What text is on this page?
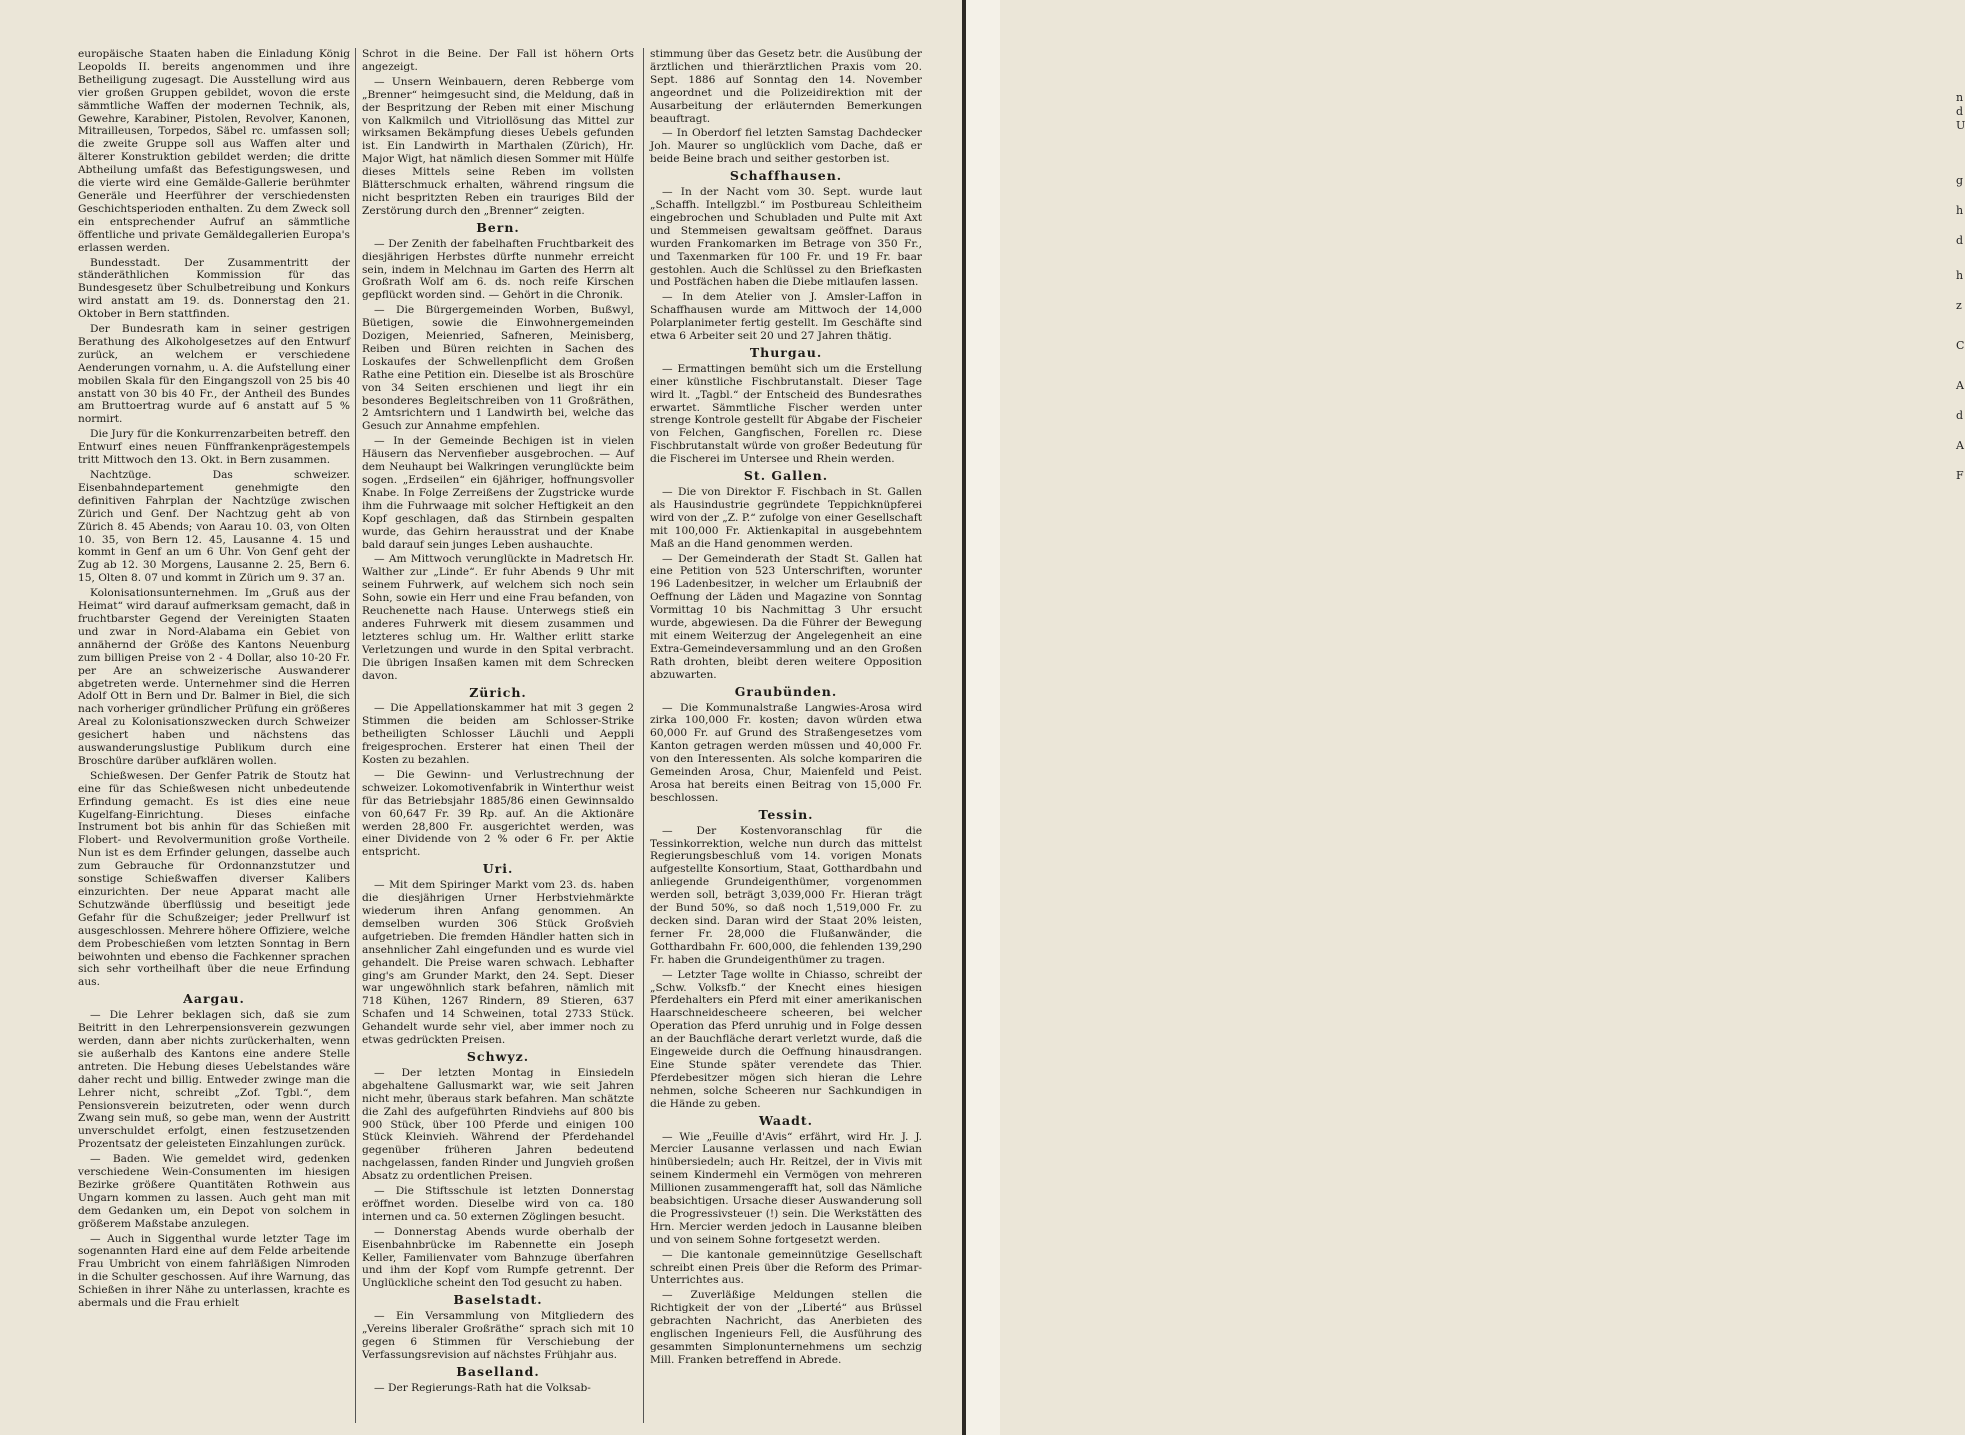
europäische Staaten haben die Einladung König Leopolds II. bereits angenommen und ihre Betheiligung zugesagt. Die Ausstellung wird aus vier großen Gruppen gebildet, wovon die erste sämmtliche Waffen der modernen Technik, als, Gewehre, Karabiner, Pistolen, Revolver, Kanonen, Mitrailleusen, Torpedos, Säbel rc. umfassen soll; die zweite Gruppe soll aus Waffen alter und älterer Konstruktion gebildet werden; die dritte Abtheilung umfaßt das Befestigungswesen, und die vierte wird eine Gemälde-Gallerie berühmter Generäle und Heerführer der verschiedensten Geschichtsperioden enthalten. Zu dem Zweck soll ein entsprechender Aufruf an sämmtliche öffentliche und private Gemäldegallerien Europa's erlassen werden.

Bundesstadt. Der Zusammentritt der ständeräthlichen Kommission für das Bundesgesetz über Schulbetreibung und Konkurs wird anstatt am 19. ds. Donnerstag den 21. Oktober in Bern stattfinden.

Der Bundesrath kam in seiner gestrigen Berathung des Alkoholgesetzes auf den Entwurf zurück, an welchem er verschiedene Aenderungen vornahm, u. A. die Aufstellung einer mobilen Skala für den Eingangszoll von 25 bis 40 anstatt von 30 bis 40 Fr., der Antheil des Bundes am Bruttoertrag wurde auf 6 anstatt auf 5 % normirt.

Die Jury für die Konkurrenzarbeiten betreff. den Entwurf eines neuen Fünffrankenprägestempels tritt Mittwoch den 13. Okt. in Bern zusammen.

Nachtzüge. Das schweizer. Eisenbahndepartement genehmigte den definitiven Fahrplan der Nachtzüge zwischen Zürich und Genf. Der Nachtzug geht ab von Zürich 8. 45 Abends; von Aarau 10. 03, von Olten 10. 35, von Bern 12. 45, Lausanne 4. 15 und kommt in Genf an um 6 Uhr. Von Genf geht der Zug ab 12. 30 Morgens, Lausanne 2. 25, Bern 6. 15, Olten 8. 07 und kommt in Zürich um 9. 37 an.

Kolonisationsunternehmen. Im „Gruß aus der Heimat“ wird darauf aufmerksam gemacht, daß in fruchtbarster Gegend der Vereinigten Staaten und zwar in Nord-Alabama ein Gebiet von annähernd der Größe des Kantons Neuenburg zum billigen Preise von 2 - 4 Dollar, also 10-20 Fr. per Are an schweizerische Auswanderer abgetreten werde. Unternehmer sind die Herren Adolf Ott in Bern und Dr. Balmer in Biel, die sich nach vorheriger gründlicher Prüfung ein größeres Areal zu Kolonisationszwecken durch Schweizer gesichert haben und nächstens das auswanderungslustige Publikum durch eine Broschüre darüber aufklären wollen.

Schießwesen. Der Genfer Patrik de Stoutz hat eine für das Schießwesen nicht unbedeutende Erfindung gemacht. Es ist dies eine neue Kugelfang-Einrichtung. Dieses einfache Instrument bot bis anhin für das Schießen mit Flobert- und Revolvermunition große Vortheile. Nun ist es dem Erfinder gelungen, dasselbe auch zum Gebrauche für Ordonnanzstutzer und sonstige Schießwaffen diverser Kalibers einzurichten. Der neue Apparat macht alle Schutzwände überflüssig und beseitigt jede Gefahr für die Schußzeiger; jeder Prellwurf ist ausgeschlossen. Mehrere höhere Offiziere, welche dem Probeschießen vom letzten Sonntag in Bern beiwohnten und ebenso die Fachkenner sprachen sich sehr vortheilhaft über die neue Erfindung aus.

Aargau.

— Die Lehrer beklagen sich, daß sie zum Beitritt in den Lehrerpensionsverein gezwungen werden, dann aber nichts zurückerhalten, wenn sie außerhalb des Kantons eine andere Stelle antreten. Die Hebung dieses Uebelstandes wäre daher recht und billig. Entweder zwinge man die Lehrer nicht, schreibt „Zof. Tgbl.“, dem Pensionsverein beizutreten, oder wenn durch Zwang sein muß, so gebe man, wenn der Austritt unverschuldet erfolgt, einen festzusetzenden Prozentsatz der geleisteten Einzahlungen zurück.

— Baden. Wie gemeldet wird, gedenken verschiedene Wein-Consumenten im hiesigen Bezirke größere Quantitäten Rothwein aus Ungarn kommen zu lassen. Auch geht man mit dem Gedanken um, ein Depot von solchem in größerem Maßstabe anzulegen.

— Auch in Siggenthal wurde letzter Tage im sogenannten Hard eine auf dem Felde arbeitende Frau Umbricht von einem fahrläßigen Nimroden in die Schulter geschossen. Auf ihre Warnung, das Schießen in ihrer Nähe zu unterlassen, krachte es abermals und die Frau erhielt

Schrot in die Beine. Der Fall ist höhern Orts angezeigt.

— Unsern Weinbauern, deren Rebberge vom „Brenner“ heimgesucht sind, die Meldung, daß in der Bespritzung der Reben mit einer Mischung von Kalkmilch und Vitriollösung das Mittel zur wirksamen Bekämpfung dieses Uebels gefunden ist. Ein Landwirth in Marthalen (Zürich), Hr. Major Wigt, hat nämlich diesen Sommer mit Hülfe dieses Mittels seine Reben im vollsten Blätterschmuck erhalten, während ringsum die nicht bespritzten Reben ein trauriges Bild der Zerstörung durch den „Brenner“ zeigten.

Bern.

— Der Zenith der fabelhaften Fruchtbarkeit des diesjährigen Herbstes dürfte nunmehr erreicht sein, indem in Melchnau im Garten des Herrn alt Großrath Wolf am 6. ds. noch reife Kirschen gepflückt worden sind. — Gehört in die Chronik.

— Die Bürgergemeinden Worben, Bußwyl, Büetigen, sowie die Einwohnergemeinden Dozigen, Meienried, Safneren, Meinisberg, Reiben und Büren reichten in Sachen des Loskaufes der Schwellenpflicht dem Großen Rathe eine Petition ein. Dieselbe ist als Broschüre von 34 Seiten erschienen und liegt ihr ein besonderes Begleitschreiben von 11 Großräthen, 2 Amtsrichtern und 1 Landwirth bei, welche das Gesuch zur Annahme empfehlen.

— In der Gemeinde Bechigen ist in vielen Häusern das Nervenfieber ausgebrochen. — Auf dem Neuhaupt bei Walkringen verunglückte beim sogen. „Erdseilen“ ein 6jähriger, hoffnungsvoller Knabe. In Folge Zerreißens der Zugstricke wurde ihm die Fuhrwaage mit solcher Heftigkeit an den Kopf geschlagen, daß das Stirnbein gespalten wurde, das Gehirn herausstrat und der Knabe bald darauf sein junges Leben aushauchte.

— Am Mittwoch verunglückte in Madretsch Hr. Walther zur „Linde“. Er fuhr Abends 9 Uhr mit seinem Fuhrwerk, auf welchem sich noch sein Sohn, sowie ein Herr und eine Frau befanden, von Reuchenette nach Hause. Unterwegs stieß ein anderes Fuhrwerk mit diesem zusammen und letzteres schlug um. Hr. Walther erlitt starke Verletzungen und wurde in den Spital verbracht. Die übrigen Insaßen kamen mit dem Schrecken davon.

Zürich.

— Die Appellationskammer hat mit 3 gegen 2 Stimmen die beiden am Schlosser-Strike betheiligten Schlosser Läuchli und Aeppli freigesprochen. Ersterer hat einen Theil der Kosten zu bezahlen.

— Die Gewinn- und Verlustrechnung der schweizer. Lokomotivenfabrik in Winterthur weist für das Betriebsjahr 1885/86 einen Gewinnsaldo von 60,647 Fr. 39 Rp. auf. An die Aktionäre werden 28,800 Fr. ausgerichtet werden, was einer Dividende von 2 % oder 6 Fr. per Aktie entspricht.

Uri.

— Mit dem Spiringer Markt vom 23. ds. haben die diesjährigen Urner Herbstviehmärkte wiederum ihren Anfang genommen. An demselben wurden 306 Stück Großvieh aufgetrieben. Die fremden Händler hatten sich in ansehnlicher Zahl eingefunden und es wurde viel gehandelt. Die Preise waren schwach. Lebhafter ging's am Grunder Markt, den 24. Sept. Dieser war ungewöhnlich stark befahren, nämlich mit 718 Kühen, 1267 Rindern, 89 Stieren, 637 Schafen und 14 Schweinen, total 2733 Stück. Gehandelt wurde sehr viel, aber immer noch zu etwas gedrückten Preisen.

Schwyz.

— Der letzten Montag in Einsiedeln abgehaltene Gallusmarkt war, wie seit Jahren nicht mehr, überaus stark befahren. Man schätzte die Zahl des aufgeführten Rindviehs auf 800 bis 900 Stück, über 100 Pferde und einigen 100 Stück Kleinvieh. Während der Pferdehandel gegenüber früheren Jahren bedeutend nachgelassen, fanden Rinder und Jungvieh großen Absatz zu ordentlichen Preisen.

— Die Stiftsschule ist letzten Donnerstag eröffnet worden. Dieselbe wird von ca. 180 internen und ca. 50 externen Zöglingen besucht.

— Donnerstag Abends wurde oberhalb der Eisenbahnbrücke im Rabennette ein Joseph Keller, Familienvater vom Bahnzuge überfahren und ihm der Kopf vom Rumpfe getrennt. Der Unglückliche scheint den Tod gesucht zu haben.

Baselstadt.

— Ein Versammlung von Mitgliedern des „Vereins liberaler Großräthe“ sprach sich mit 10 gegen 6 Stimmen für Verschiebung der Verfassungsrevision auf nächstes Frühjahr aus.

Baselland.

— Der Regierungs-Rath hat die Volksab-

stimmung über das Gesetz betr. die Ausübung der ärztlichen und thierärztlichen Praxis vom 20. Sept. 1886 auf Sonntag den 14. November angeordnet und die Polizeidirektion mit der Ausarbeitung der erläuternden Bemerkungen beauftragt.

— In Oberdorf fiel letzten Samstag Dachdecker Joh. Maurer so unglücklich vom Dache, daß er beide Beine brach und seither gestorben ist.

Schaffhausen.

— In der Nacht vom 30. Sept. wurde laut „Schaffh. Intellgzbl.“ im Postbureau Schleitheim eingebrochen und Schubladen und Pulte mit Axt und Stemmeisen gewaltsam geöffnet. Daraus wurden Frankomarken im Betrage von 350 Fr., und Taxenmarken für 100 Fr. und 19 Fr. baar gestohlen. Auch die Schlüssel zu den Briefkasten und Postfächen haben die Diebe mitlaufen lassen.

— In dem Atelier von J. Amsler-Laffon in Schaffhausen wurde am Mittwoch der 14,000 Polarplanimeter fertig gestellt. Im Geschäfte sind etwa 6 Arbeiter seit 20 und 27 Jahren thätig.

Thurgau.

— Ermattingen bemüht sich um die Erstellung einer künstliche Fischbrutanstalt. Dieser Tage wird lt. „Tagbl.“ der Entscheid des Bundesrathes erwartet. Sämmtliche Fischer werden unter strenge Kontrole gestellt für Abgabe der Fischeier von Felchen, Gangfischen, Forellen rc. Diese Fischbrutanstalt würde von großer Bedeutung für die Fischerei im Untersee und Rhein werden.

St. Gallen.

— Die von Direktor F. Fischbach in St. Gallen als Hausindustrie gegründete Teppichknüpferei wird von der „Z. P.“ zufolge von einer Gesellschaft mit 100,000 Fr. Aktienkapital in ausgebehntem Maß an die Hand genommen werden.

— Der Gemeinderath der Stadt St. Gallen hat eine Petition von 523 Unterschriften, worunter 196 Ladenbesitzer, in welcher um Erlaubniß der Oeffnung der Läden und Magazine von Sonntag Vormittag 10 bis Nachmittag 3 Uhr ersucht wurde, abgewiesen. Da die Führer der Bewegung mit einem Weiterzug der Angelegenheit an eine Extra-Gemeindeversammlung und an den Großen Rath drohten, bleibt deren weitere Opposition abzuwarten.

Graubünden.

— Die Kommunalstraße Langwies-Arosa wird zirka 100,000 Fr. kosten; davon würden etwa 60,000 Fr. auf Grund des Straßengesetzes vom Kanton getragen werden müssen und 40,000 Fr. von den Interessenten. Als solche kompariren die Gemeinden Arosa, Chur, Maienfeld und Peist. Arosa hat bereits einen Beitrag von 15,000 Fr. beschlossen.

Tessin.

— Der Kostenvoranschlag für die Tessinkorrektion, welche nun durch das mittelst Regierungsbeschluß vom 14. vorigen Monats aufgestellte Konsortium, Staat, Gotthardbahn und anliegende Grundeigenthümer, vorgenommen werden soll, beträgt 3,039,000 Fr. Hieran trägt der Bund 50%, so daß noch 1,519,000 Fr. zu decken sind. Daran wird der Staat 20% leisten, ferner Fr. 28,000 die Flußanwänder, die Gotthardbahn Fr. 600,000, die fehlenden 139,290 Fr. haben die Grundeigenthümer zu tragen.

— Letzter Tage wollte in Chiasso, schreibt der „Schw. Volksfb.“ der Knecht eines hiesigen Pferdehalters ein Pferd mit einer amerikanischen Haarschneidescheere scheeren, bei welcher Operation das Pferd unruhig und in Folge dessen an der Bauchfläche derart verletzt wurde, daß die Eingeweide durch die Oeffnung hinausdrangen. Eine Stunde später verendete das Thier. Pferdebesitzer mögen sich hieran die Lehre nehmen, solche Scheeren nur Sachkundigen in die Hände zu geben.

Waadt.

— Wie „Feuille d'Avis“ erfährt, wird Hr. J. J. Mercier Lausanne verlassen und nach Ewian hinübersiedeln; auch Hr. Reitzel, der in Vivis mit seinem Kindermehl ein Vermögen von mehreren Millionen zusammengerafft hat, soll das Nämliche beabsichtigen. Ursache dieser Auswanderung soll die Progressivsteuer (!) sein. Die Werkstätten des Hrn. Mercier werden jedoch in Lausanne bleiben und von seinem Sohne fortgesetzt werden.

— Die kantonale gemeinnützige Gesellschaft schreibt einen Preis über die Reform des Primar-Unterrichtes aus.

— Zuverläßige Meldungen stellen die Richtigkeit der von der „Liberté“ aus Brüssel gebrachten Nachricht, das Anerbieten des englischen Ingenieurs Fell, die Ausführung des gesammten Simplonunternehmens um sechzig Mill. Franken betreffend in Abrede.

n
d
U
g
h
d
h
z
C
A
d
A
F
